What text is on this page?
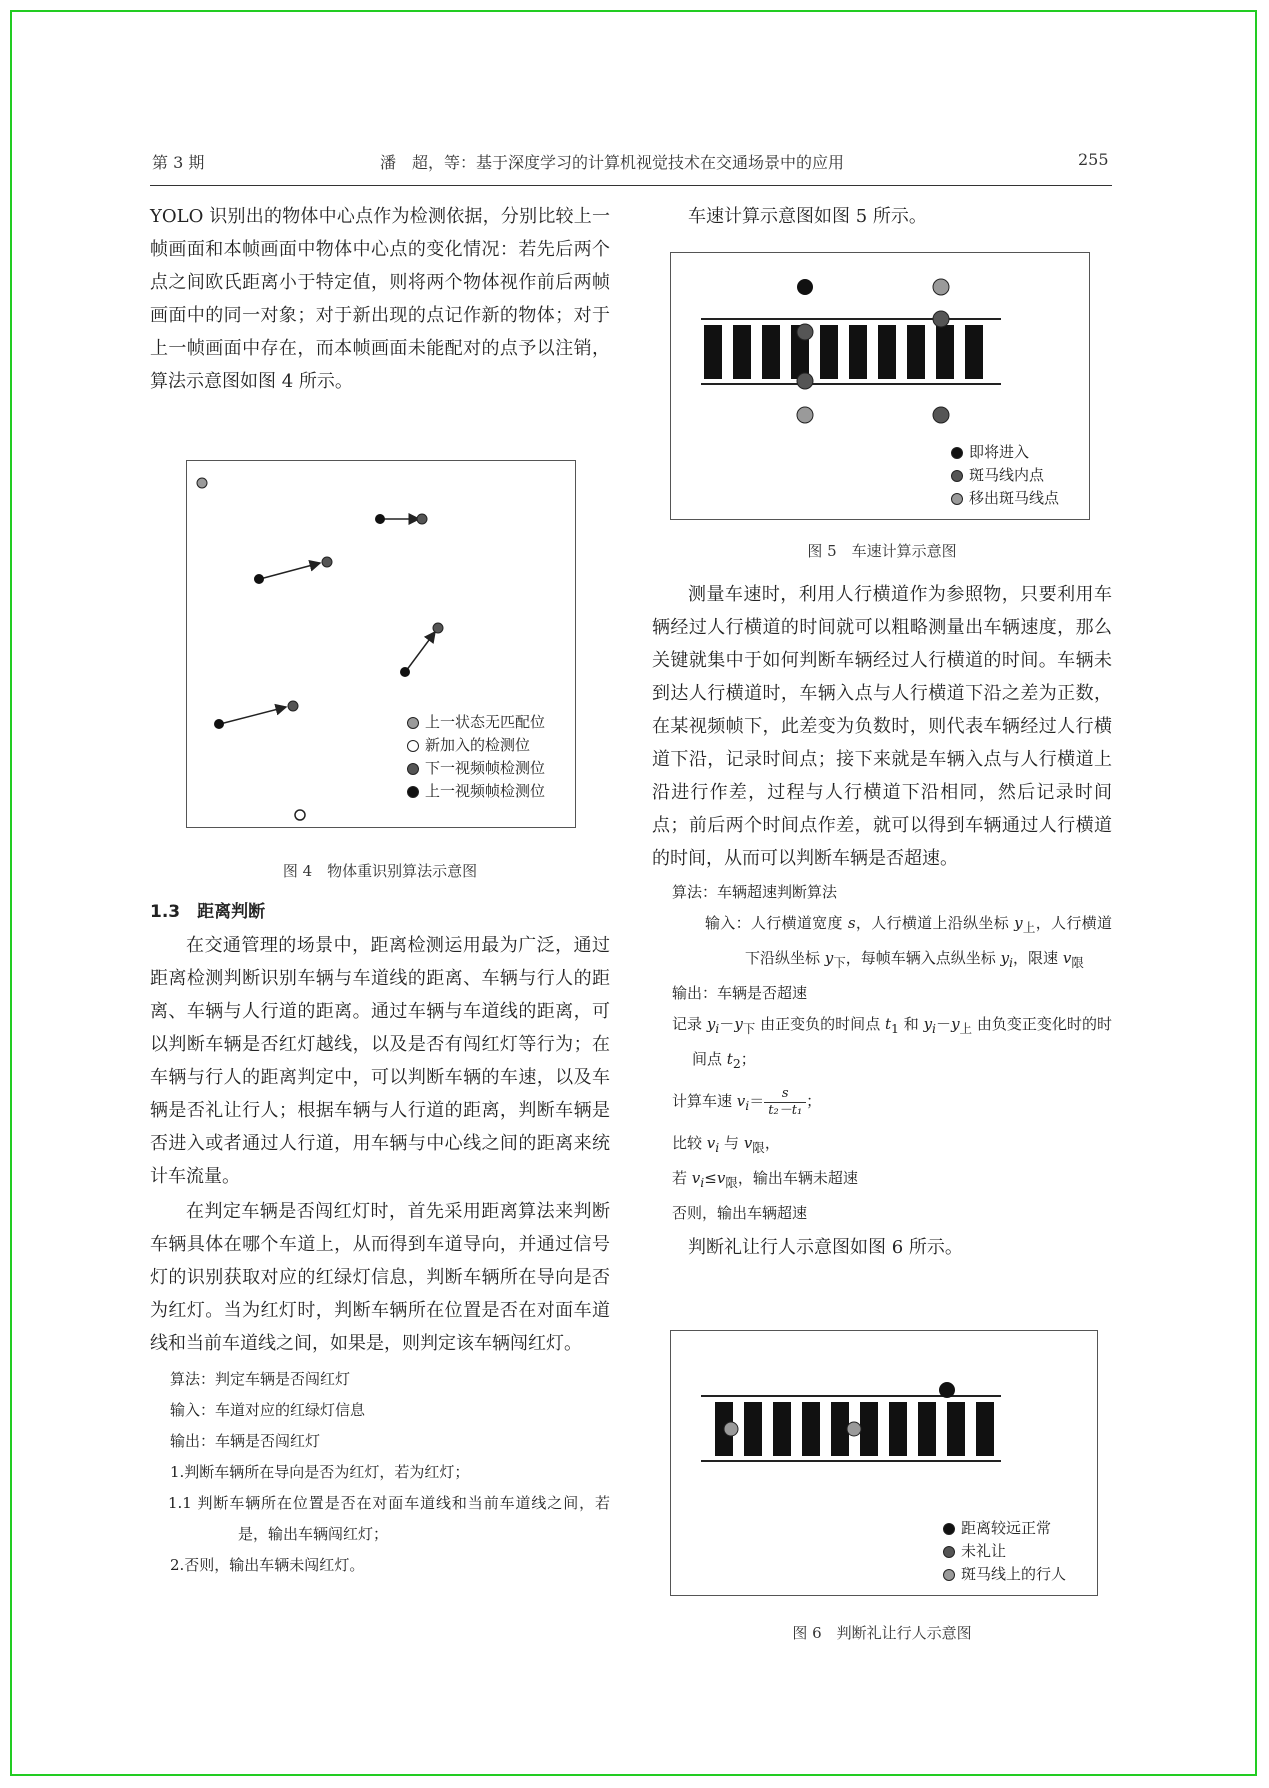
第 3 期	潘　超，等：基于深度学习的计算机视觉技术在交通场景中的应用	255

YOLO 识别出的物体中心点作为检测依据，分别比较上一帧画面和本帧画面中物体中心点的变化情况：若先后两个点之间欧氏距离小于特定值，则将两个物体视作前后两帧画面中的同一对象；对于新出现的点记作新的物体；对于上一帧画面中存在，而本帧画面未能配对的点予以注销，算法示意图如图 4 所示。

上一状态无匹配位
新加入的检测位
下一视频帧检测位
上一视频帧检测位
图 4　物体重识别算法示意图

1.3　距离判断

在交通管理的场景中，距离检测运用最为广泛，通过距离检测判断识别车辆与车道线的距离、车辆与行人的距离、车辆与人行道的距离。通过车辆与车道线的距离，可以判断车辆是否红灯越线，以及是否有闯红灯等行为；在车辆与行人的距离判定中，可以判断车辆的车速，以及车辆是否礼让行人；根据车辆与人行道的距离，判断车辆是否进入或者通过人行道，用车辆与中心线之间的距离来统计车流量。

在判定车辆是否闯红灯时，首先采用距离算法来判断车辆具体在哪个车道上，从而得到车道导向，并通过信号灯的识别获取对应的红绿灯信息，判断车辆所在导向是否为红灯。当为红灯时，判断车辆所在位置是否在对面车道线和当前车道线之间，如果是，则判定该车辆闯红灯。

算法：判定车辆是否闯红灯

输入：车道对应的红绿灯信息

输出：车辆是否闯红灯

1.判断车辆所在导向是否为红灯，若为红灯；

1.1 判断车辆所在位置是否在对面车道线和当前车道线之间，若是，输出车辆闯红灯；

2.否则，输出车辆未闯红灯。

车速计算示意图如图 5 所示。

即将进入
斑马线内点
移出斑马线点
图 5　车速计算示意图

测量车速时，利用人行横道作为参照物，只要利用车辆经过人行横道的时间就可以粗略测量出车辆速度，那么关键就集中于如何判断车辆经过人行横道的时间。车辆未到达人行横道时，车辆入点与人行横道下沿之差为正数，在某视频帧下，此差变为负数时，则代表车辆经过人行横道下沿，记录时间点；接下来就是车辆入点与人行横道上沿进行作差，过程与人行横道下沿相同，然后记录时间点；前后两个时间点作差，就可以得到车辆通过人行横道的时间，从而可以判断车辆是否超速。

算法：车辆超速判断算法

输入：人行横道宽度 s，人行横道上沿纵坐标 $y_上$，人行横道下沿纵坐标 $y_下$，每帧车辆入点纵坐标 $y_i$，限速 $v_限$

输出：车辆是否超速

记录 $y_i-y_下$ 由正变负的时间点 $t_1$ 和 $y_i-y_上$ 由负变正变化时的时间点 $t_2$；

计算车速 $v_i= \frac{s}{\text{t₂－t₁}}$ ；

比较 $v_i$ 与 $v_限$，

若 $v_i\le v_限$，输出车辆未超速

否则，输出车辆超速

判断礼让行人示意图如图 6 所示。

距离较远正常
未礼让
斑马线上的行人
图 6　判断礼让行人示意图
